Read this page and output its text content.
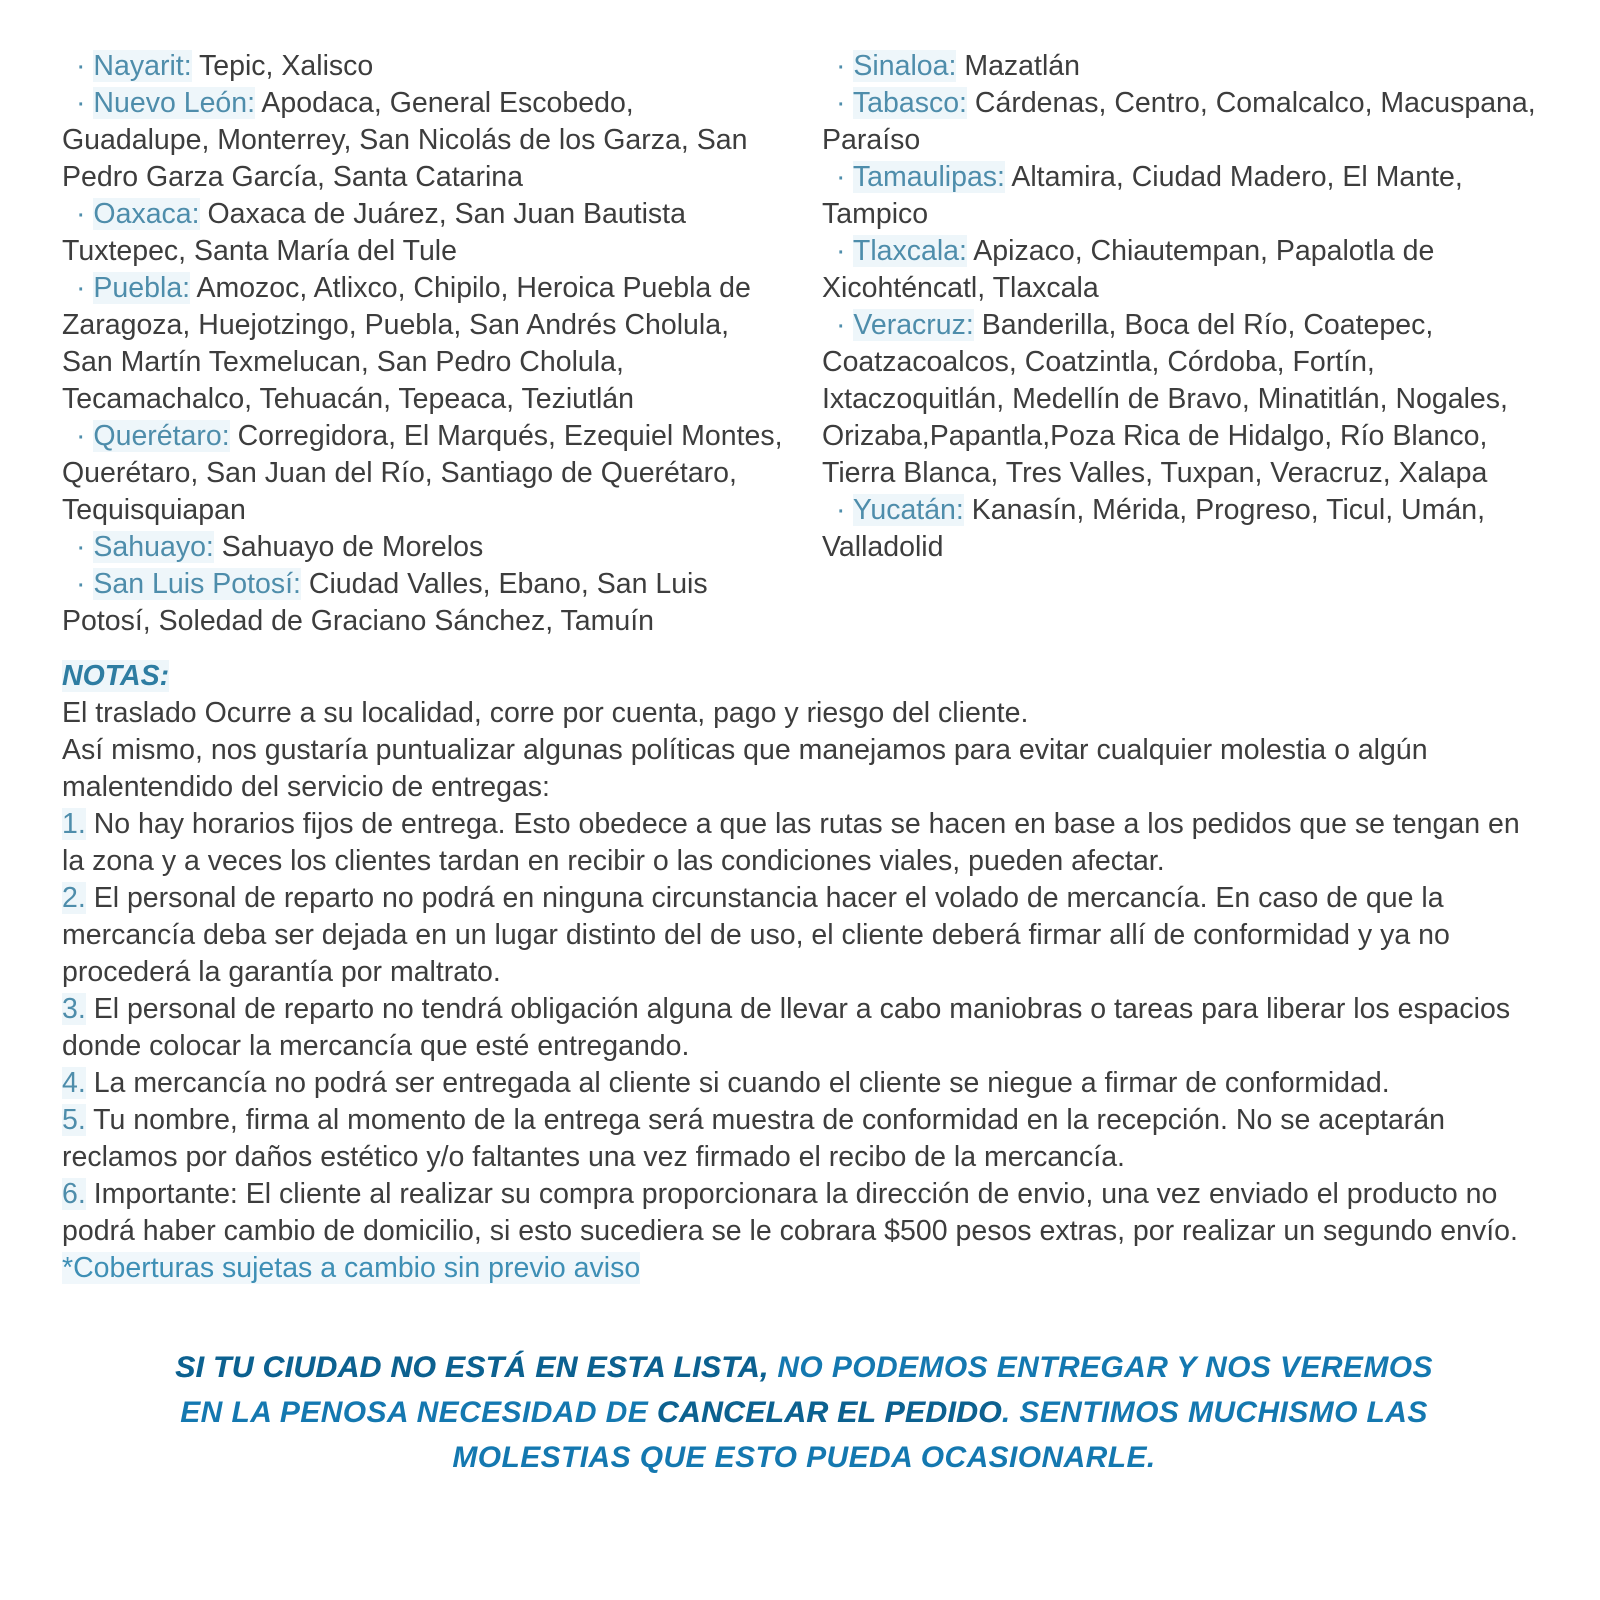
· Nayarit: Tepic, Xalisco

· Nuevo León: Apodaca, General Escobedo, Guadalupe, Monterrey, San Nicolás de los Garza, San Pedro Garza García, Santa Catarina

· Oaxaca: Oaxaca de Juárez, San Juan Bautista Tuxtepec, Santa María del Tule

· Puebla: Amozoc, Atlixco, Chipilo, Heroica Puebla de Zaragoza, Huejotzingo, Puebla, San Andrés Cholula, San Martín Texmelucan, San Pedro Cholula, Tecamachalco, Tehuacán, Tepeaca, Teziutlán

· Querétaro: Corregidora, El Marqués, Ezequiel Montes, Querétaro, San Juan del Río, Santiago de Querétaro, Tequisquiapan

· Sahuayo: Sahuayo de Morelos

· San Luis Potosí: Ciudad Valles, Ebano, San Luis Potosí, Soledad de Graciano Sánchez, Tamuín

· Sinaloa: Mazatlán

· Tabasco: Cárdenas, Centro, Comalcalco, Macuspana, Paraíso

· Tamaulipas: Altamira, Ciudad Madero, El Mante, Tampico

· Tlaxcala: Apizaco, Chiautempan, Papalotla de Xicohténcatl, Tlaxcala

· Veracruz: Banderilla, Boca del Río, Coatepec, Coatzacoalcos, Coatzintla, Córdoba, Fortín, Ixtaczoquitlán, Medellín de Bravo, Minatitlán, Nogales, Orizaba,Papantla,Poza Rica de Hidalgo, Río Blanco, Tierra Blanca, Tres Valles, Tuxpan, Veracruz, Xalapa

· Yucatán: Kanasín, Mérida, Progreso, Ticul, Umán, Valladolid

NOTAS:

El traslado Ocurre a su localidad, corre por cuenta, pago y riesgo del cliente.

Así mismo, nos gustaría puntualizar algunas políticas que manejamos para evitar cualquier molestia o algún malentendido del servicio de entregas:

1. No hay horarios fijos de entrega. Esto obedece a que las rutas se hacen en base a los pedidos que se tengan en la zona y a veces los clientes tardan en recibir o las condiciones viales, pueden afectar.

2. El personal de reparto no podrá en ninguna circunstancia hacer el volado de mercancía. En caso de que la mercancía deba ser dejada en un lugar distinto del de uso, el cliente deberá firmar allí de conformidad y ya no procederá la garantía por maltrato.

3. El personal de reparto no tendrá obligación alguna de llevar a cabo maniobras o tareas para liberar los espacios donde colocar la mercancía que esté entregando.

4. La mercancía no podrá ser entregada al cliente si cuando el cliente se niegue a firmar de conformidad.

5. Tu nombre, firma al momento de la entrega será muestra de conformidad en la recepción. No se aceptarán reclamos por daños estético y/o faltantes una vez firmado el recibo de la mercancía.

6. Importante: El cliente al realizar su compra proporcionara la dirección de envio, una vez enviado el producto no podrá haber cambio de domicilio, si esto sucediera se le cobrara $500 pesos extras, por realizar un segundo envío.

*Coberturas sujetas a cambio sin previo aviso

SI TU CIUDAD NO ESTÁ EN ESTA LISTA, NO PODEMOS ENTREGAR Y NOS VEREMOS EN LA PENOSA NECESIDAD DE CANCELAR EL PEDIDO. SENTIMOS MUCHISMO LAS MOLESTIAS QUE ESTO PUEDA OCASIONARLE.
